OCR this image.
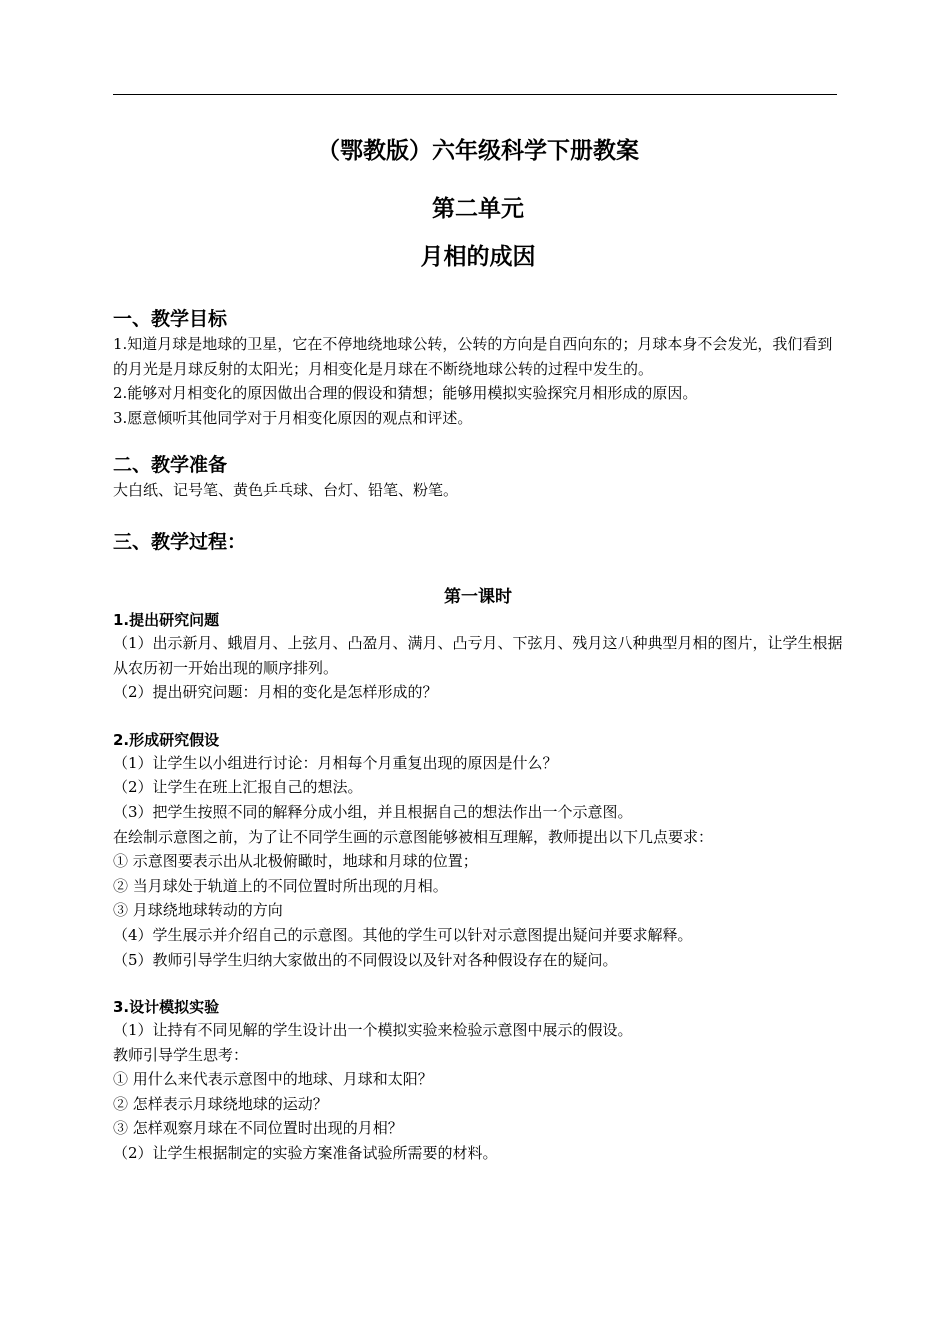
（鄂教版）六年级科学下册教案
第二单元
月相的成因
一、教学目标

1.知道月球是地球的卫星，它在不停地绕地球公转，公转的方向是自西向东的；月球本身不会发光，我们看到的月光是月球反射的太阳光；月相变化是月球在不断绕地球公转的过程中发生的。

2.能够对月相变化的原因做出合理的假设和猜想；能够用模拟实验探究月相形成的原因。

3.愿意倾听其他同学对于月相变化原因的观点和评述。

二、教学准备

大白纸、记号笔、黄色乒乓球、台灯、铅笔、粉笔。

三、教学过程：
第一课时
1.提出研究问题

（1）出示新月、蛾眉月、上弦月、凸盈月、满月、凸亏月、下弦月、残月这八种典型月相的图片，让学生根据从农历初一开始出现的顺序排列。

（2）提出研究问题：月相的变化是怎样形成的？

2.形成研究假设

（1）让学生以小组进行讨论：月相每个月重复出现的原因是什么？

（2）让学生在班上汇报自己的想法。

（3）把学生按照不同的解释分成小组，并且根据自己的想法作出一个示意图。

在绘制示意图之前，为了让不同学生画的示意图能够被相互理解，教师提出以下几点要求：

① 示意图要表示出从北极俯瞰时，地球和月球的位置；

② 当月球处于轨道上的不同位置时所出现的月相。

③ 月球绕地球转动的方向

（4）学生展示并介绍自己的示意图。其他的学生可以针对示意图提出疑问并要求解释。

（5）教师引导学生归纳大家做出的不同假设以及针对各种假设存在的疑问。

3.设计模拟实验

（1）让持有不同见解的学生设计出一个模拟实验来检验示意图中展示的假设。

教师引导学生思考：

① 用什么来代表示意图中的地球、月球和太阳？

② 怎样表示月球绕地球的运动？

③ 怎样观察月球在不同位置时出现的月相？

（2）让学生根据制定的实验方案准备试验所需要的材料。
